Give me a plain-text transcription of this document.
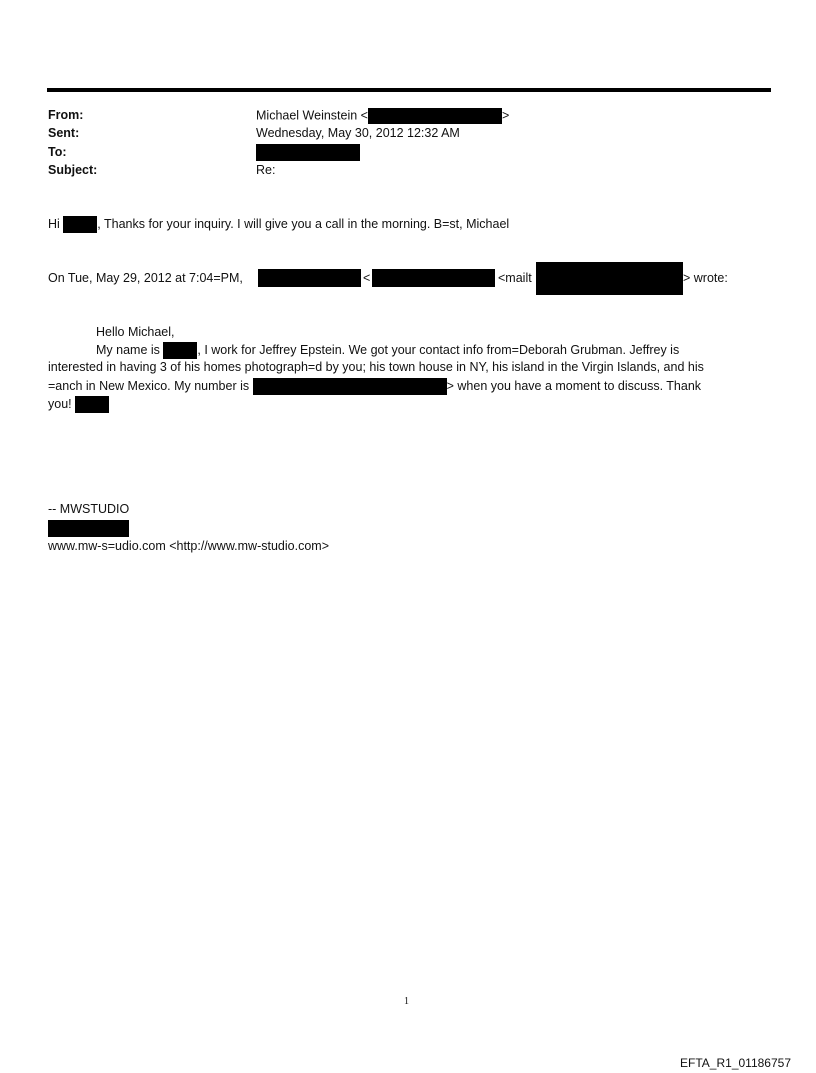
From:	Michael Weinstein <	>
Sent:	Wednesday, May 30, 2012 12:32 AM
To:
Subject:	Re:
Hi	, Thanks for your inquiry. I will give you a call in the morning. B=st, Michael
On Tue, May 29, 2012 at 7:04=PM,	<	<mailt	> wrote:
Hello Michael,
My name is	, I work for Jeffrey Epstein. We got your contact info from=Deborah Grubman. Jeffrey is
interested in having 3 of his homes photograph=d by you; his town house in NY, his island in the Virgin Islands, and his
=anch in New Mexico. My number is	> when you have a moment to discuss. Thank
you!
-- MWSTUDIO
www.mw-s=udio.com <http://www.mw-studio.com>
1
EFTA_R1_01186757
